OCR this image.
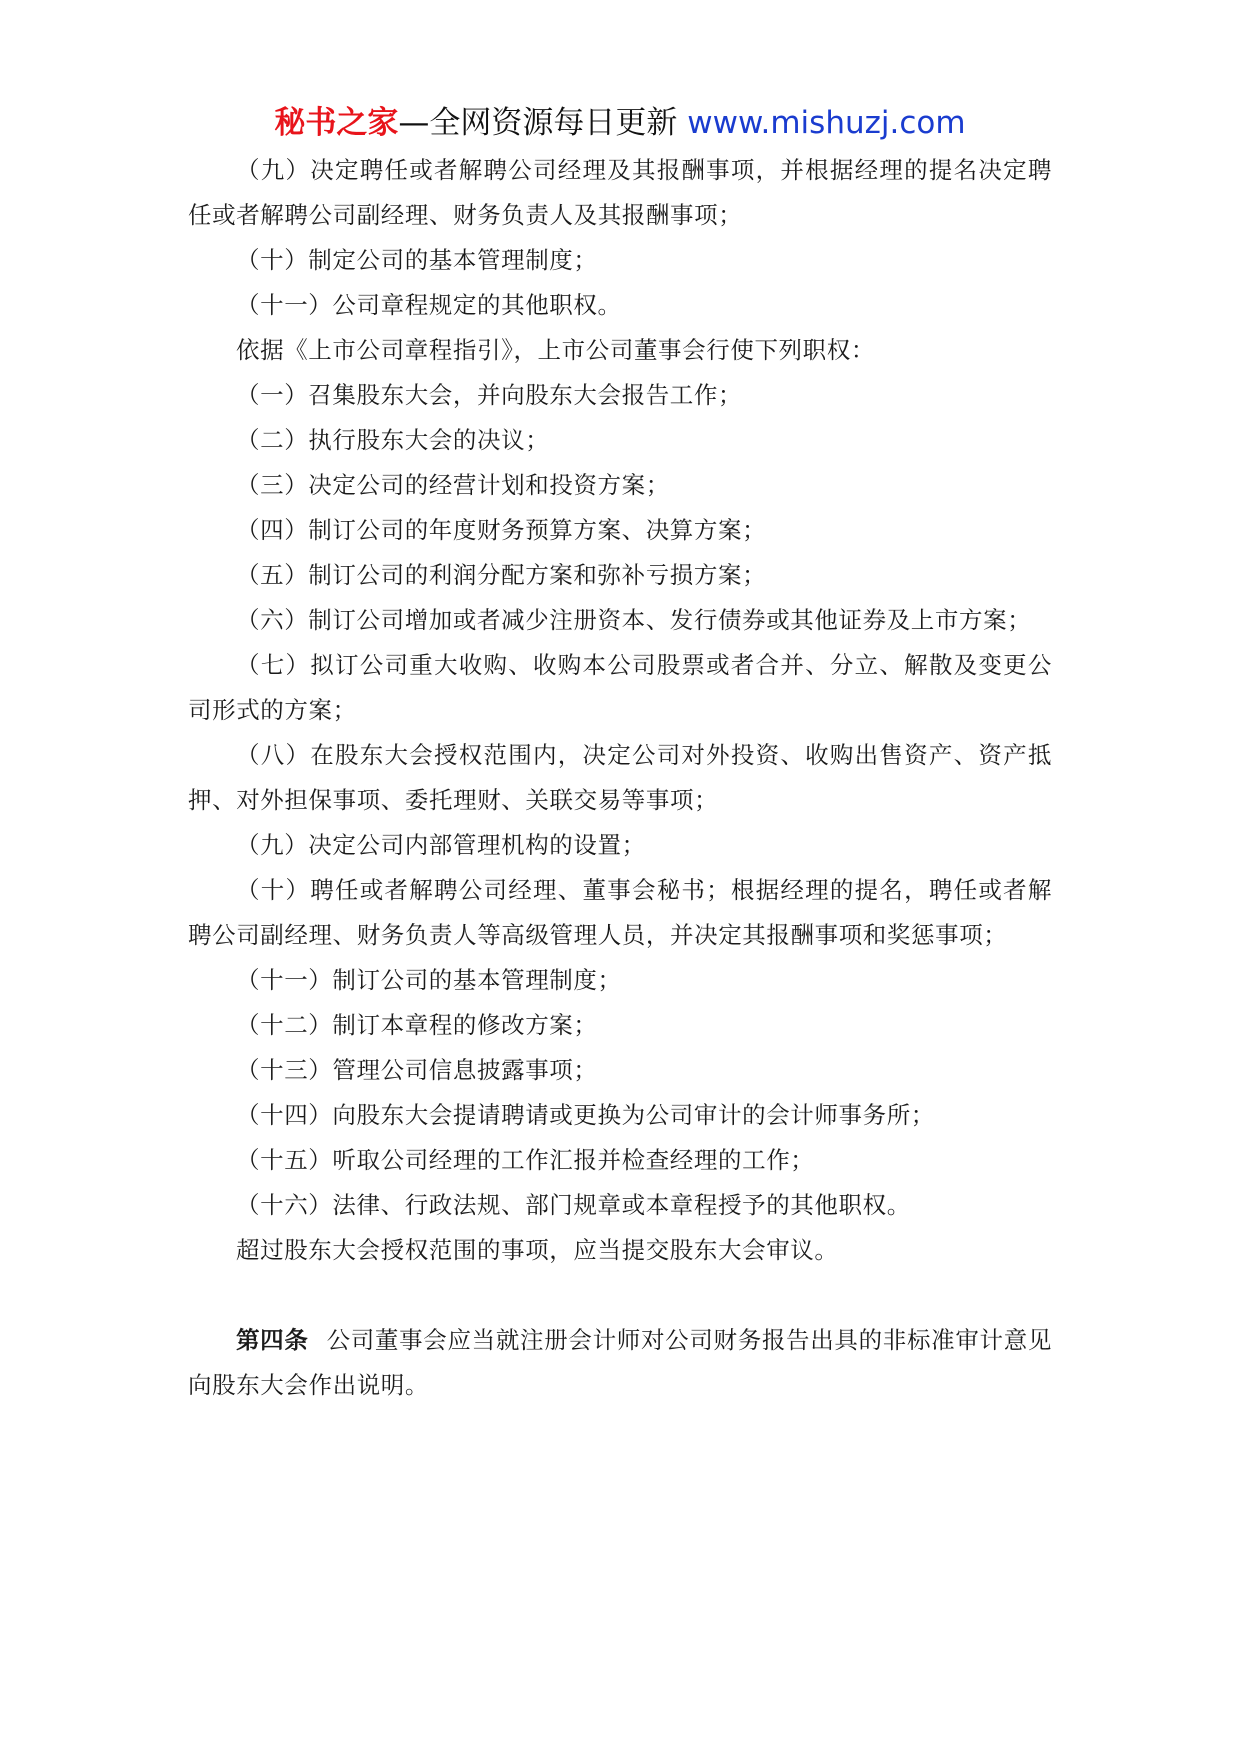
秘书之家—全网资源每日更新 www.mishuzj.com

（九）决定聘任或者解聘公司经理及其报酬事项，并根据经理的提名决定聘任或者解聘公司副经理、财务负责人及其报酬事项；

（十）制定公司的基本管理制度；

（十一）公司章程规定的其他职权。

依据《上市公司章程指引》，上市公司董事会行使下列职权：

（一）召集股东大会，并向股东大会报告工作；

（二）执行股东大会的决议；

（三）决定公司的经营计划和投资方案；

（四）制订公司的年度财务预算方案、决算方案；

（五）制订公司的利润分配方案和弥补亏损方案；

（六）制订公司增加或者减少注册资本、发行债券或其他证券及上市方案；

（七）拟订公司重大收购、收购本公司股票或者合并、分立、解散及变更公司形式的方案；

（八）在股东大会授权范围内，决定公司对外投资、收购出售资产、资产抵押、对外担保事项、委托理财、关联交易等事项；

（九）决定公司内部管理机构的设置；

（十）聘任或者解聘公司经理、董事会秘书；根据经理的提名，聘任或者解聘公司副经理、财务负责人等高级管理人员，并决定其报酬事项和奖惩事项；

（十一）制订公司的基本管理制度；

（十二）制订本章程的修改方案；

（十三）管理公司信息披露事项；

（十四）向股东大会提请聘请或更换为公司审计的会计师事务所；

（十五）听取公司经理的工作汇报并检查经理的工作；

（十六）法律、行政法规、部门规章或本章程授予的其他职权。

超过股东大会授权范围的事项，应当提交股东大会审议。

第四条 公司董事会应当就注册会计师对公司财务报告出具的非标准审计意见向股东大会作出说明。
